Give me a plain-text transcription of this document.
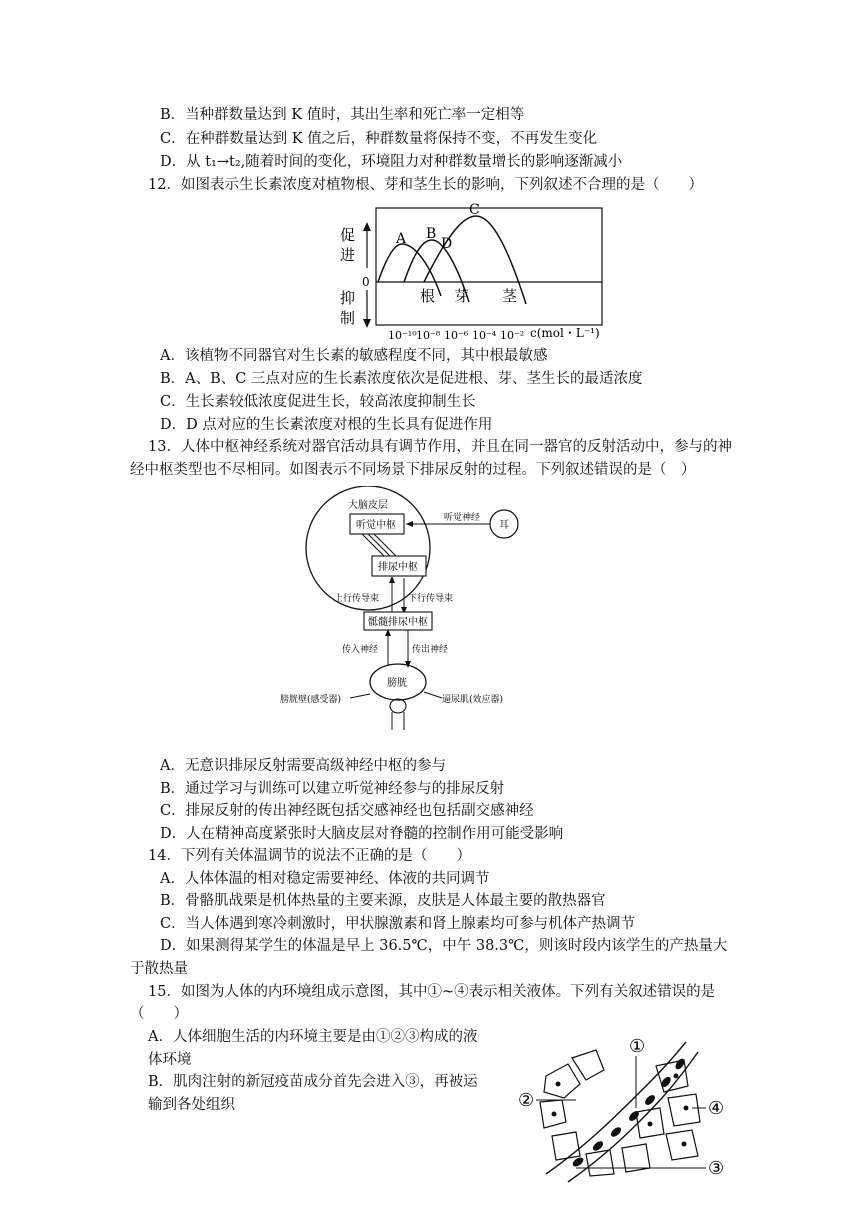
B．当种群数量达到 K 值时，其出生率和死亡率一定相等
C．在种群数量达到 K 值之后，种群数量将保持不变，不再发生变化
D．从 t₁→t₂,随着时间的变化，环境阻力对种群数量增长的影响逐渐减小
12．如图表示生长素浓度对植物根、芽和茎生长的影响，下列叙述不合理的是（　　）
促
进
抑
制
0
A B
C
D
根 芽 茎
10⁻¹⁰ 10⁻⁸ 10⁻⁶ 10⁻⁴ 10⁻² c(mol・L⁻¹)
A．该植物不同器官对生长素的敏感程度不同，其中根最敏感
B．A、B、C 三点对应的生长素浓度依次是促进根、芽、茎生长的最适浓度
C．生长素较低浓度促进生长，较高浓度抑制生长
D．D 点对应的生长素浓度对根的生长具有促进作用
13．人体中枢神经系统对器官活动具有调节作用，并且在同一器官的反射活动中，参与的神
经中枢类型也不尽相同。如图表示不同场景下排尿反射的过程。下列叙述错误的是（　）
大脑皮层
听觉中枢
排尿中枢
耳
听觉神经
上行传导束	下行传导束
骶髓排尿中枢
传入神经	传出神经
膀胱
膀胱壁(感受器)	逼尿肌(效应器)
A．无意识排尿反射需要高级神经中枢的参与
B．通过学习与训练可以建立听觉神经参与的排尿反射
C．排尿反射的传出神经既包括交感神经也包括副交感神经
D．人在精神高度紧张时大脑皮层对脊髓的控制作用可能受影响
14．下列有关体温调节的说法不正确的是（　　）
A．人体体温的相对稳定需要神经、体液的共同调节
B．骨骼肌战栗是机体热量的主要来源，皮肤是人体最主要的散热器官
C．当人体遇到寒冷刺激时，甲状腺激素和肾上腺素均可参与机体产热调节
D．如果测得某学生的体温是早上 36.5℃，中午 38.3℃，则该时段内该学生的产热量大
于散热量
15．如图为人体的内环境组成示意图，其中①~④表示相关液体。下列有关叙述错误的是
（　　）
A．人体细胞生活的内环境主要是由①②③构成的液
体环境
B．肌肉注射的新冠疫苗成分首先会进入③，再被运
输到各处组织
①
②
③
④
